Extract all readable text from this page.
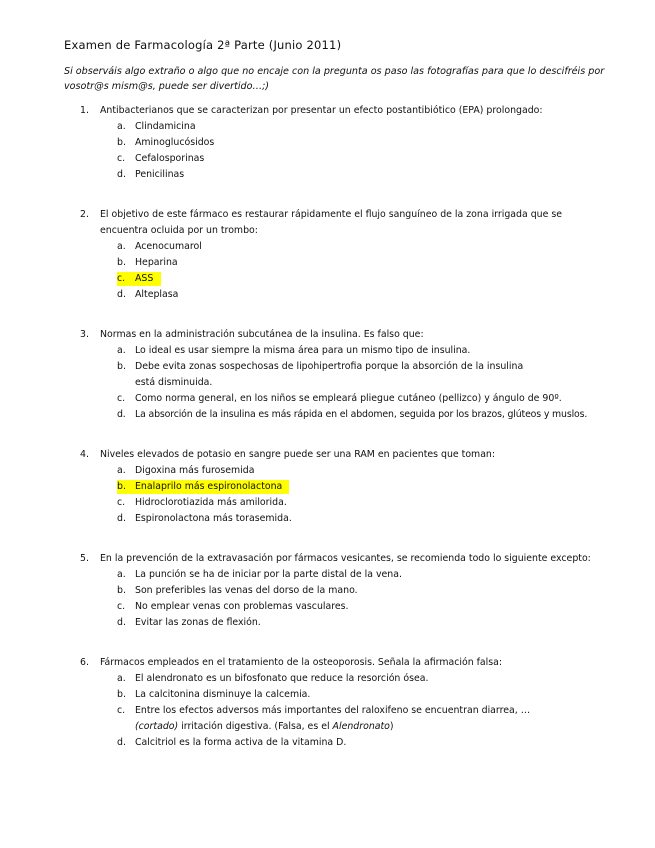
Examen de Farmacología 2ª Parte (Junio 2011)
Si observáis algo extraño o algo que no encaje con la pregunta os paso las fotografías para que lo descifréis por vosotr@s mism@s, puede ser divertido…;)
1. Antibacterianos que se caracterizan por presentar un efecto postantibiótico (EPA) prolongado:
a. Clindamicina
b. Aminoglucósidos
c. Cefalosporinas
d. Penicilinas
2. El objetivo de este fármaco es restaurar rápidamente el flujo sanguíneo de la zona irrigada que se encuentra ocluida por un trombo:
a. Acenocumarol
b. Heparina
c. ASS
d. Alteplasa
3. Normas en la administración subcutánea de la insulina. Es falso que:
a. Lo ideal es usar siempre la misma área para un mismo tipo de insulina.
b. Debe evita zonas sospechosas de lipohipertrofia porque la absorción de la insulina está disminuida.
c. Como norma general, en los niños se empleará pliegue cutáneo (pellizco) y ángulo de 90º.
d. La absorción de la insulina es más rápida en el abdomen, seguida por los brazos, glúteos y muslos.
4. Niveles elevados de potasio en sangre puede ser una RAM en pacientes que toman:
a. Digoxina más furosemida
b. Enalaprilo más espironolactona
c. Hidroclorotiazida más amilorida.
d. Espironolactona más torasemida.
5. En la prevención de la extravasación por fármacos vesicantes, se recomienda todo lo siguiente excepto:
a. La punción se ha de iniciar por la parte distal de la vena.
b. Son preferibles las venas del dorso de la mano.
c. No emplear venas con problemas vasculares.
d. Evitar las zonas de flexión.
6. Fármacos empleados en el tratamiento de la osteoporosis. Señala la afirmación falsa:
a. El alendronato es un bifosfonato que reduce la resorción ósea.
b. La calcitonina disminuye la calcemia.
c. Entre los efectos adversos más importantes del raloxifeno se encuentran diarrea, …(cortado) irritación digestiva. (Falsa, es el Alendronato)
d. Calcitriol es la forma activa de la vitamina D.
